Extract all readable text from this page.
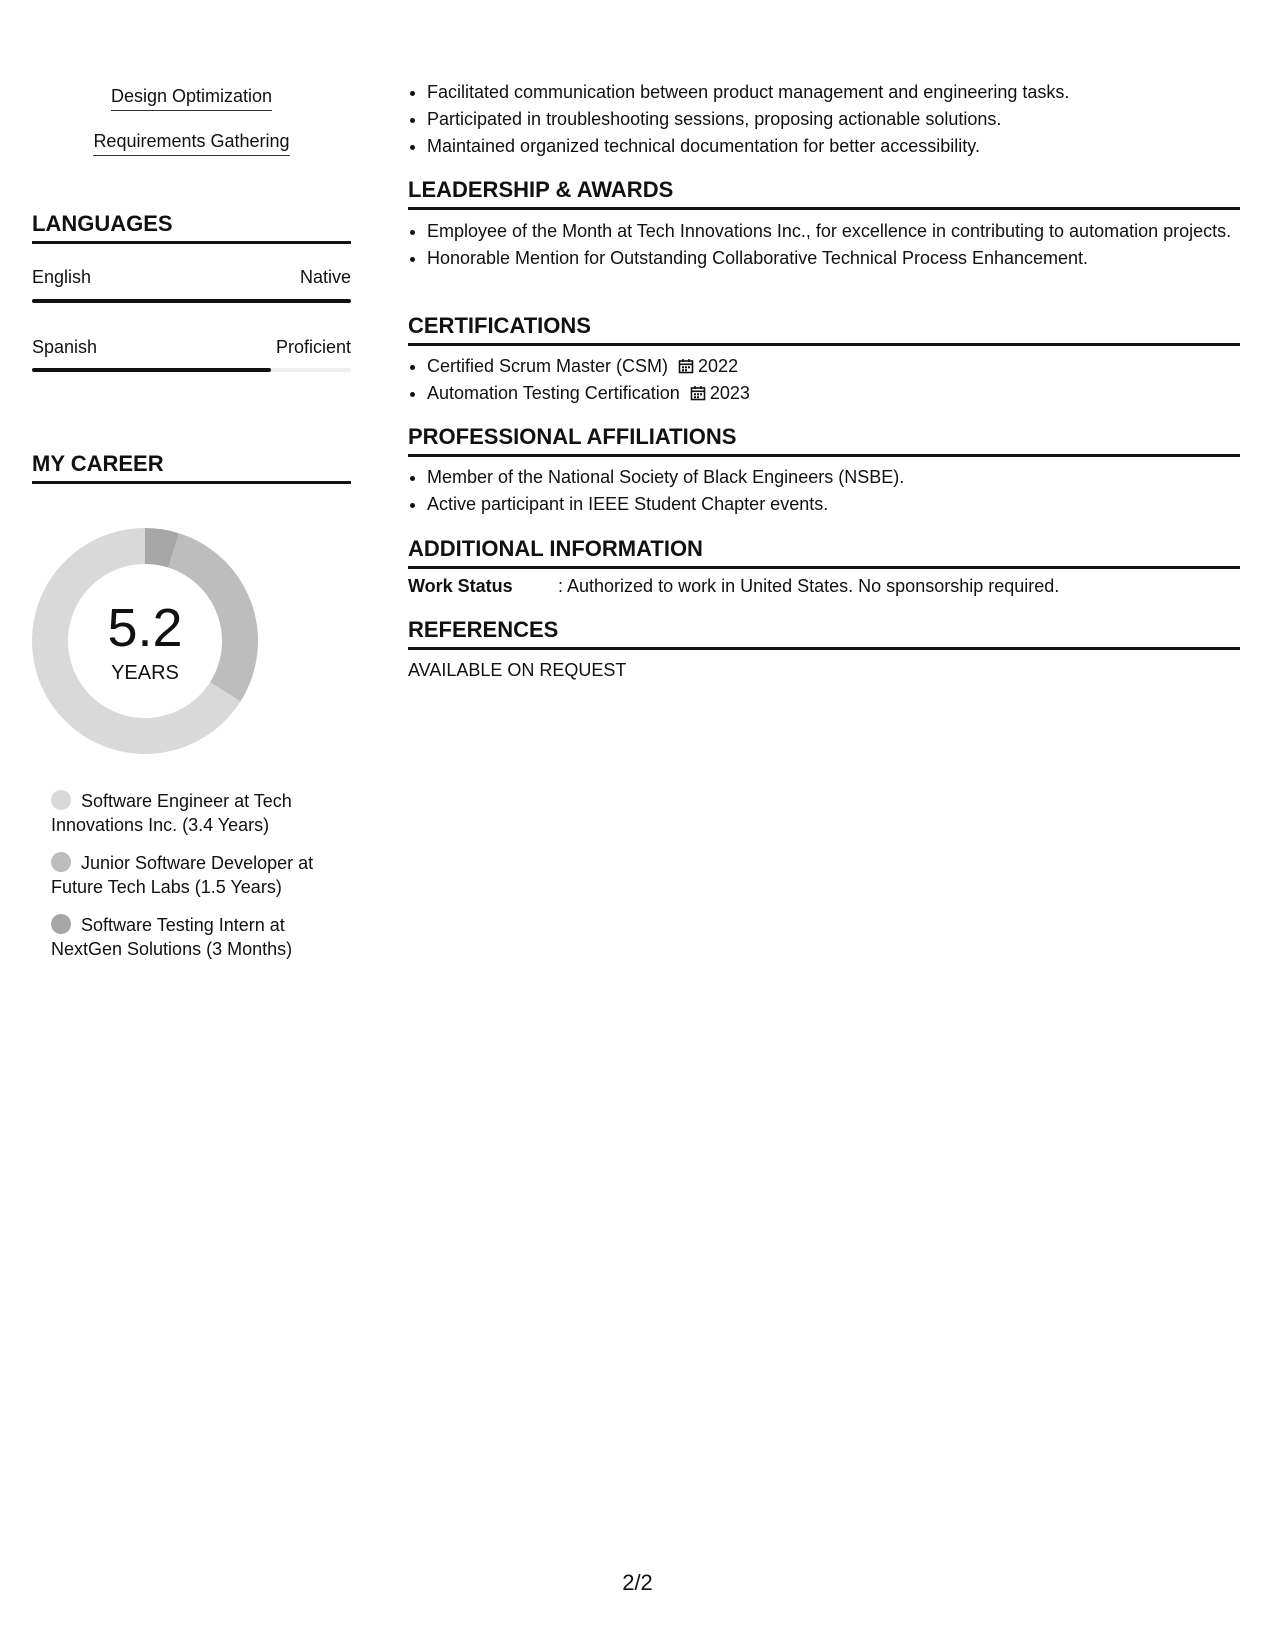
Design Optimization
Requirements Gathering
LANGUAGES
English	Native
Spanish	Proficient
MY CAREER
5.2
YEARS
Software Engineer at Tech Innovations Inc. (3.4 Years)
Junior Software Developer at Future Tech Labs (1.5 Years)
Software Testing Intern at NextGen Solutions (3 Months)
• Facilitated communication between product management and engineering tasks.
• Participated in troubleshooting sessions, proposing actionable solutions.
• Maintained organized technical documentation for better accessibility.
LEADERSHIP & AWARDS
• Employee of the Month at Tech Innovations Inc., for excellence in contributing to automation projects.
• Honorable Mention for Outstanding Collaborative Technical Process Enhancement.
CERTIFICATIONS
• Certified Scrum Master (CSM) 2022
• Automation Testing Certification 2023
PROFESSIONAL AFFILIATIONS
• Member of the National Society of Black Engineers (NSBE).
• Active participant in IEEE Student Chapter events.
ADDITIONAL INFORMATION
Work Status	: Authorized to work in United States. No sponsorship required.
REFERENCES
AVAILABLE ON REQUEST
2/2
